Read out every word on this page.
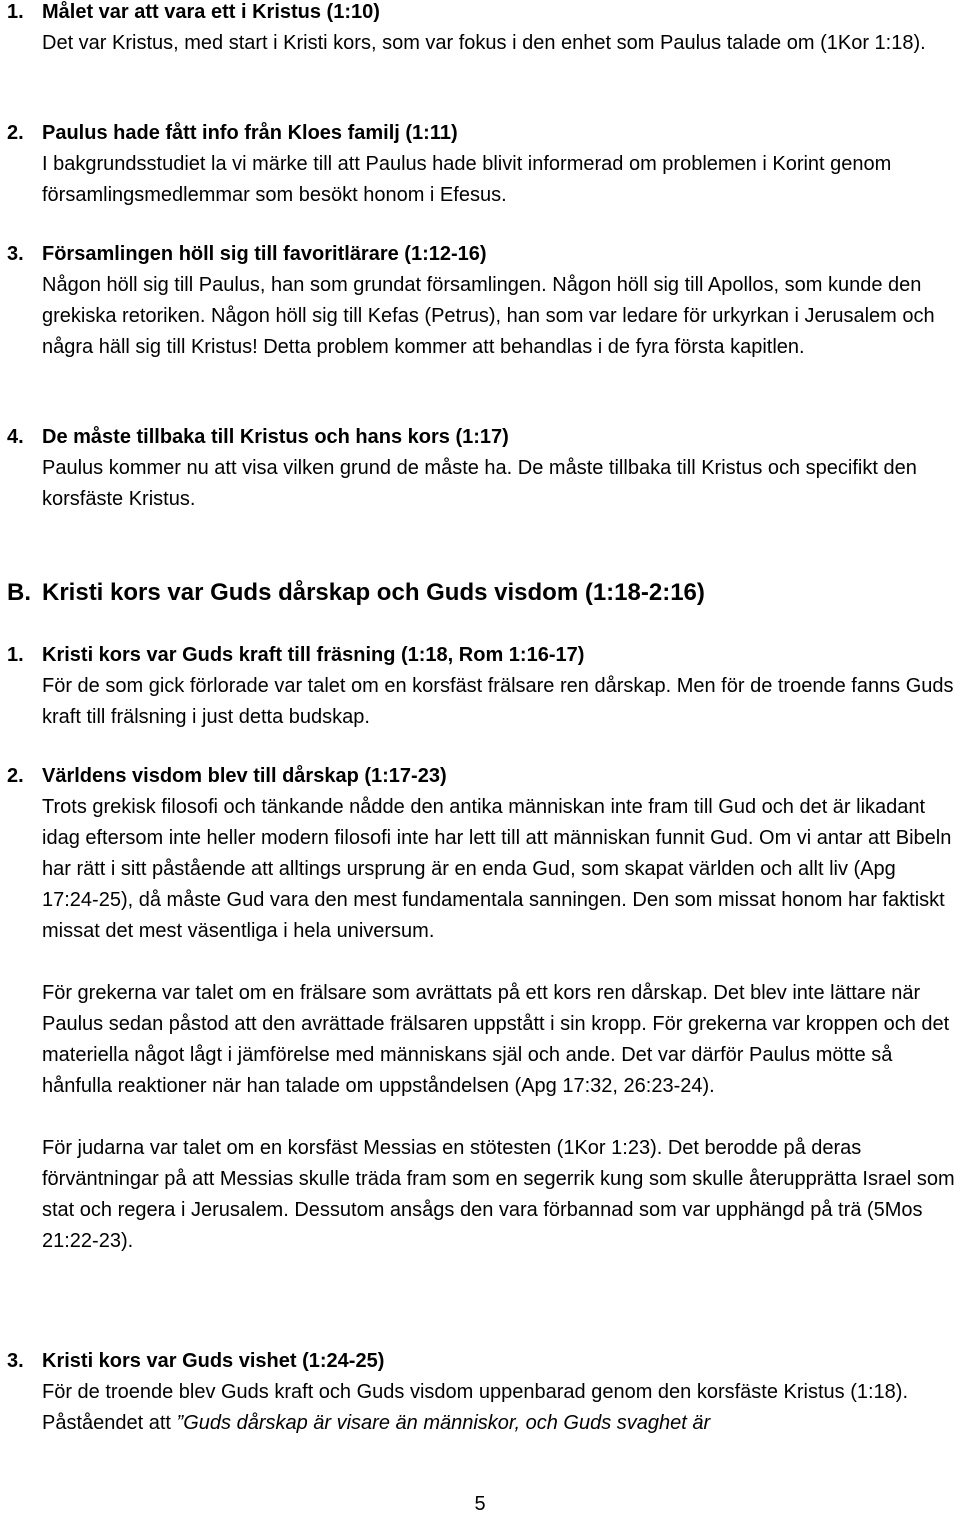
1. Målet var att vara ett i Kristus (1:10)

Det var Kristus, med start i Kristi kors, som var fokus i den enhet som Paulus talade om (1Kor 1:18).

2. Paulus hade fått info från Kloes familj (1:11)

I bakgrundsstudiet la vi märke till att Paulus hade blivit informerad om problemen i Korint genom församlingsmedlemmar som besökt honom i Efesus.

3. Församlingen höll sig till favoritlärare (1:12-16)

Någon höll sig till Paulus, han som grundat församlingen. Någon höll sig till Apollos, som kunde den grekiska retoriken. Någon höll sig till Kefas (Petrus), han som var ledare för urkyrkan i Jerusalem och några häll sig till Kristus! Detta problem kommer att behandlas i de fyra första kapitlen.

4. De måste tillbaka till Kristus och hans kors (1:17)

Paulus kommer nu att visa vilken grund de måste ha. De måste tillbaka till Kristus och specifikt den korsfäste Kristus.

B. Kristi kors var Guds dårskap och Guds visdom (1:18-2:16)
1. Kristi kors var Guds kraft till fräsning (1:18, Rom 1:16-17)

För de som gick förlorade var talet om en korsfäst frälsare ren dårskap. Men för de troende fanns Guds kraft till frälsning i just detta budskap.

2. Världens visdom blev till dårskap (1:17-23)

Trots grekisk filosofi och tänkande nådde den antika människan inte fram till Gud och det är likadant idag eftersom inte heller modern filosofi inte har lett till att människan funnit Gud. Om vi antar att Bibeln har rätt i sitt påstående att alltings ursprung är en enda Gud, som skapat världen och allt liv (Apg 17:24-25), då måste Gud vara den mest fundamentala sanningen. Den som missat honom har faktiskt missat det mest väsentliga i hela universum.

För grekerna var talet om en frälsare som avrättats på ett kors ren dårskap. Det blev inte lättare när Paulus sedan påstod att den avrättade frälsaren uppstått i sin kropp. För grekerna var kroppen och det materiella något lågt i jämförelse med människans själ och ande. Det var därför Paulus mötte så hånfulla reaktioner när han talade om uppståndelsen (Apg 17:32, 26:23-24).

För judarna var talet om en korsfäst Messias en stötesten (1Kor 1:23). Det berodde på deras förväntningar på att Messias skulle träda fram som en segerrik kung som skulle återupprätta Israel som stat och regera i Jerusalem. Dessutom ansågs den vara förbannad som var upphängd på trä (5Mos 21:22-23).

3. Kristi kors var Guds vishet (1:24-25)

För de troende blev Guds kraft och Guds visdom uppenbarad genom den korsfäste Kristus (1:18). Påståendet att ”Guds dårskap är visare än människor, och Guds svaghet är

5
